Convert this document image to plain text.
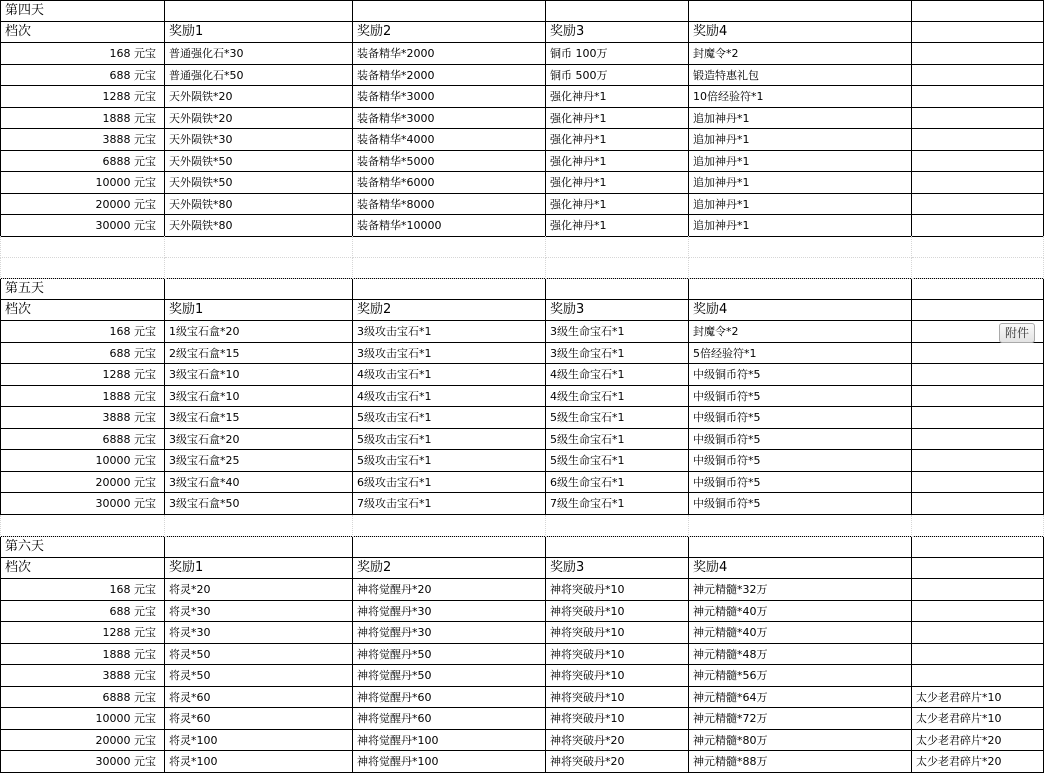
第四天
档次	奖励1	奖励2	奖励3	奖励4
168 元宝	普通强化石*30	装备精华*2000	铜币 100万	封魔令*2
688 元宝	普通强化石*50	装备精华*2000	铜币 500万	锻造特惠礼包
1288 元宝	天外陨铁*20	装备精华*3000	强化神丹*1	10倍经验符*1
1888 元宝	天外陨铁*20	装备精华*3000	强化神丹*1	追加神丹*1
3888 元宝	天外陨铁*30	装备精华*4000	强化神丹*1	追加神丹*1
6888 元宝	天外陨铁*50	装备精华*5000	强化神丹*1	追加神丹*1
10000 元宝	天外陨铁*50	装备精华*6000	强化神丹*1	追加神丹*1
20000 元宝	天外陨铁*80	装备精华*8000	强化神丹*1	追加神丹*1
30000 元宝	天外陨铁*80	装备精华*10000	强化神丹*1	追加神丹*1
第五天
档次	奖励1	奖励2	奖励3	奖励4
168 元宝	1级宝石盒*20	3级攻击宝石*1	3级生命宝石*1	封魔令*2
688 元宝	2级宝石盒*15	3级攻击宝石*1	3级生命宝石*1	5倍经验符*1
1288 元宝	3级宝石盒*10	4级攻击宝石*1	4级生命宝石*1	中级铜币符*5
1888 元宝	3级宝石盒*10	4级攻击宝石*1	4级生命宝石*1	中级铜币符*5
3888 元宝	3级宝石盒*15	5级攻击宝石*1	5级生命宝石*1	中级铜币符*5
6888 元宝	3级宝石盒*20	5级攻击宝石*1	5级生命宝石*1	中级铜币符*5
10000 元宝	3级宝石盒*25	5级攻击宝石*1	5级生命宝石*1	中级铜币符*5
20000 元宝	3级宝石盒*40	6级攻击宝石*1	6级生命宝石*1	中级铜币符*5
30000 元宝	3级宝石盒*50	7级攻击宝石*1	7级生命宝石*1	中级铜币符*5
第六天
档次	奖励1	奖励2	奖励3	奖励4
168 元宝	将灵*20	神将觉醒丹*20	神将突破丹*10	神元精髓*32万
688 元宝	将灵*30	神将觉醒丹*30	神将突破丹*10	神元精髓*40万
1288 元宝	将灵*30	神将觉醒丹*30	神将突破丹*10	神元精髓*40万
1888 元宝	将灵*50	神将觉醒丹*50	神将突破丹*10	神元精髓*48万
3888 元宝	将灵*50	神将觉醒丹*50	神将突破丹*10	神元精髓*56万
6888 元宝	将灵*60	神将觉醒丹*60	神将突破丹*10	神元精髓*64万	太少老君碎片*10
10000 元宝	将灵*60	神将觉醒丹*60	神将突破丹*10	神元精髓*72万	太少老君碎片*10
20000 元宝	将灵*100	神将觉醒丹*100	神将突破丹*20	神元精髓*80万	太少老君碎片*20
30000 元宝	将灵*100	神将觉醒丹*100	神将突破丹*20	神元精髓*88万	太少老君碎片*20
附件
